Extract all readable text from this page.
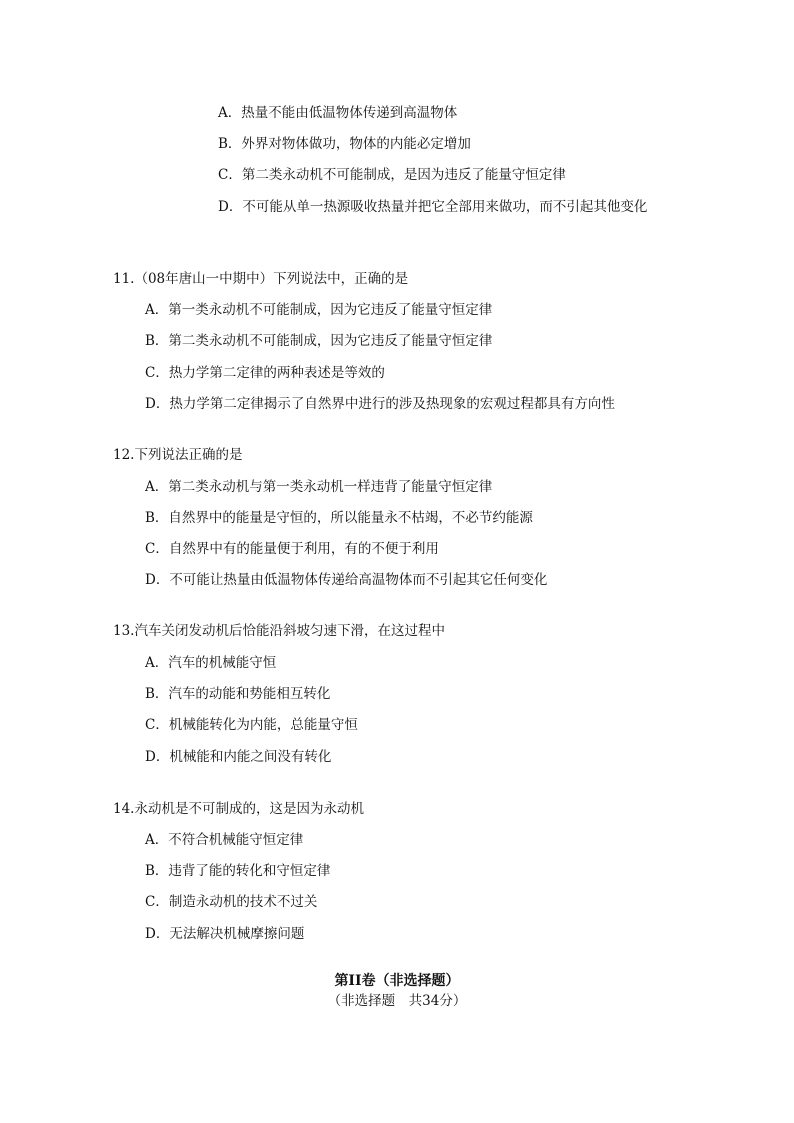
A．热量不能由低温物体传递到高温物体
B．外界对物体做功，物体的内能必定增加
C．第二类永动机不可能制成，是因为违反了能量守恒定律
D．不可能从单一热源吸收热量并把它全部用来做功，而不引起其他变化
11.（08年唐山一中期中）下列说法中，正确的是
A．第一类永动机不可能制成，因为它违反了能量守恒定律
B．第二类永动机不可能制成，因为它违反了能量守恒定律
C．热力学第二定律的两种表述是等效的
D．热力学第二定律揭示了自然界中进行的涉及热现象的宏观过程都具有方向性
12.下列说法正确的是
A．第二类永动机与第一类永动机一样违背了能量守恒定律
B．自然界中的能量是守恒的，所以能量永不枯竭，不必节约能源
C．自然界中有的能量便于利用，有的不便于利用
D．不可能让热量由低温物体传递给高温物体而不引起其它任何变化
13.汽车关闭发动机后恰能沿斜坡匀速下滑，在这过程中
A．汽车的机械能守恒
B．汽车的动能和势能相互转化
C．机械能转化为内能，总能量守恒
D．机械能和内能之间没有转化
14.永动机是不可制成的，这是因为永动机
A．不符合机械能守恒定律
B．违背了能的转化和守恒定律
C．制造永动机的技术不过关
D．无法解决机械摩擦问题
第II卷（非选择题）
（非选择题　共34分）
